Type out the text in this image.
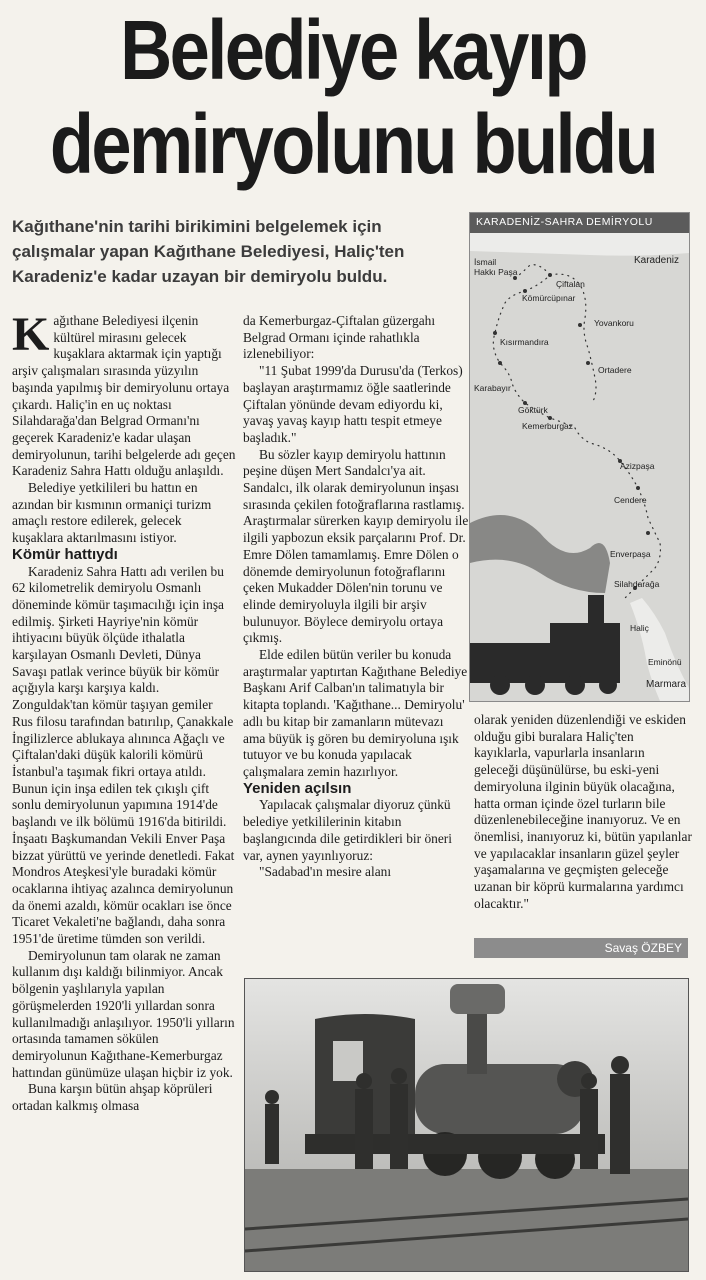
Belediye kayıp
demiryolunu buldu
Kağıthane'nin tarihi birikimini belgelemek için çalışmalar yapan Kağıthane Belediyesi, Haliç'ten Karadeniz'e kadar uzayan bir demiryolu buldu.

Kağıthane Belediyesi ilçenin kültürel mirasını gelecek kuşaklara aktarmak için yaptığı arşiv çalışmaları sırasında yüzyılın başında yapılmış bir demiryolunu ortaya çıkardı. Haliç'in en uç noktası Silahdarağa'dan Belgrad Ormanı'nı geçerek Karadeniz'e kadar ulaşan demiryolunun, tarihi belgelerde adı geçen Karadeniz Sahra Hattı olduğu anlaşıldı.

Belediye yetkilileri bu hattın en azından bir kısmının ormaniçi turizm amaçlı restore edilerek, gelecek kuşaklara aktarılmasını istiyor.

Kömür hattıydı

Karadeniz Sahra Hattı adı verilen bu 62 kilometrelik demiryolu Osmanlı döneminde kömür taşımacılığı için inşa edilmiş. Şirketi Hayriye'nin kömür ihtiyacını büyük ölçüde ithalatla karşılayan Osmanlı Devleti, Dünya Savaşı patlak verince büyük bir kömür açığıyla karşı karşıya kaldı. Zonguldak'tan kömür taşıyan gemiler Rus filosu tarafından batırılıp, Çanakkale İngilizlerce ablukaya alınınca Ağaçlı ve Çiftalan'daki düşük kalorili kömürü İstanbul'a taşımak fikri ortaya atıldı. Bunun için inşa edilen tek çıkışlı çift sonlu demiryolunun yapımına 1914'de başlandı ve ilk bölümü 1916'da bitirildi. İnşaatı Başkumandan Vekili Enver Paşa bizzat yürüttü ve yerinde denetledi. Fakat Mondros Ateşkesi'yle buradaki kömür ocaklarına ihtiyaç azalınca demiryolunun da önemi azaldı, kömür ocakları ise önce Ticaret Vekaleti'ne bağlandı, daha sonra 1951'de üretime tümden son verildi.

Demiryolunun tam olarak ne zaman kullanım dışı kaldığı bilinmiyor. Ancak bölgenin yaşlılarıyla yapılan görüşmelerden 1920'li yıllardan sonra kullanılmadığı anlaşılıyor. 1950'li yılların ortasında tamamen sökülen demiryolunun Kağıthane-Kemerburgaz hattından günümüze ulaşan hiçbir iz yok.

Buna karşın bütün ahşap köprüleri ortadan kalkmış olmasa

da Kemerburgaz-Çiftalan güzergahı Belgrad Ormanı içinde rahatlıkla izlenebiliyor:

"11 Şubat 1999'da Durusu'da (Terkos) başlayan araştırmamız öğle saatlerinde Çiftalan yönünde devam ediyordu ki, yavaş yavaş kayıp hattı tespit etmeye başladık."

Bu sözler kayıp demiryolu hattının peşine düşen Mert Sandalcı'ya ait. Sandalcı, ilk olarak demiryolunun inşası sırasında çekilen fotoğraflarına rastlamış. Araştırmalar sürerken kayıp demiryolu ile ilgili yapbozun eksik parçalarını Prof. Dr. Emre Dölen tamamlamış. Emre Dölen o dönemde demiryolunun fotoğraflarını çeken Mukadder Dölen'nin torunu ve elinde demiryoluyla ilgili bir arşiv bulunuyor. Böylece demiryolu ortaya çıkmış.

Elde edilen bütün veriler bu konuda araştırmalar yaptırtan Kağıthane Belediye Başkanı Arif Calban'ın talimatıyla bir kitapta toplandı. 'Kağıthane... Demiryolu' adlı bu kitap bir zamanların mütevazı ama büyük iş gören bu demiryoluna ışık tutuyor ve bu konuda yapılacak çalışmalara zemin hazırlıyor.

Yeniden açılsın

Yapılacak çalışmalar diyoruz çünkü belediye yetkililerinin kitabın başlangıcında dile getirdikleri bir öneri var, aynen yayınlıyoruz:

"Sadabad'ın mesire alanı

KARADENİZ-SAHRA DEMİRYOLU
Karadeniz
Marmara
İsmail Hakkı Paşa
Çiftalan
Kömürcüpınar
Yovankoru
Kısırmandıra
Ortadere
Karabayır
Göktürk
Kemerburgaz
Azizpaşa
Cendere
Enverpaşa
Silahdarağa
Haliç
Eminönü

olarak yeniden düzenlendiği ve eskiden olduğu gibi buralara Haliç'ten kayıklarla, vapurlarla insanların geleceği düşünülürse, bu eski-yeni demiryoluna ilginin büyük olacağına, hatta orman içinde özel turların bile düzenlenebileceğine inanıyoruz. Ve en önemlisi, inanıyoruz ki, bütün yapılanlar ve yapılacaklar insanların güzel şeyler yaşamalarına ve geçmişten geleceğe uzanan bir köprü kurmalarına yardımcı olacaktır."

Savaş ÖZBEY
